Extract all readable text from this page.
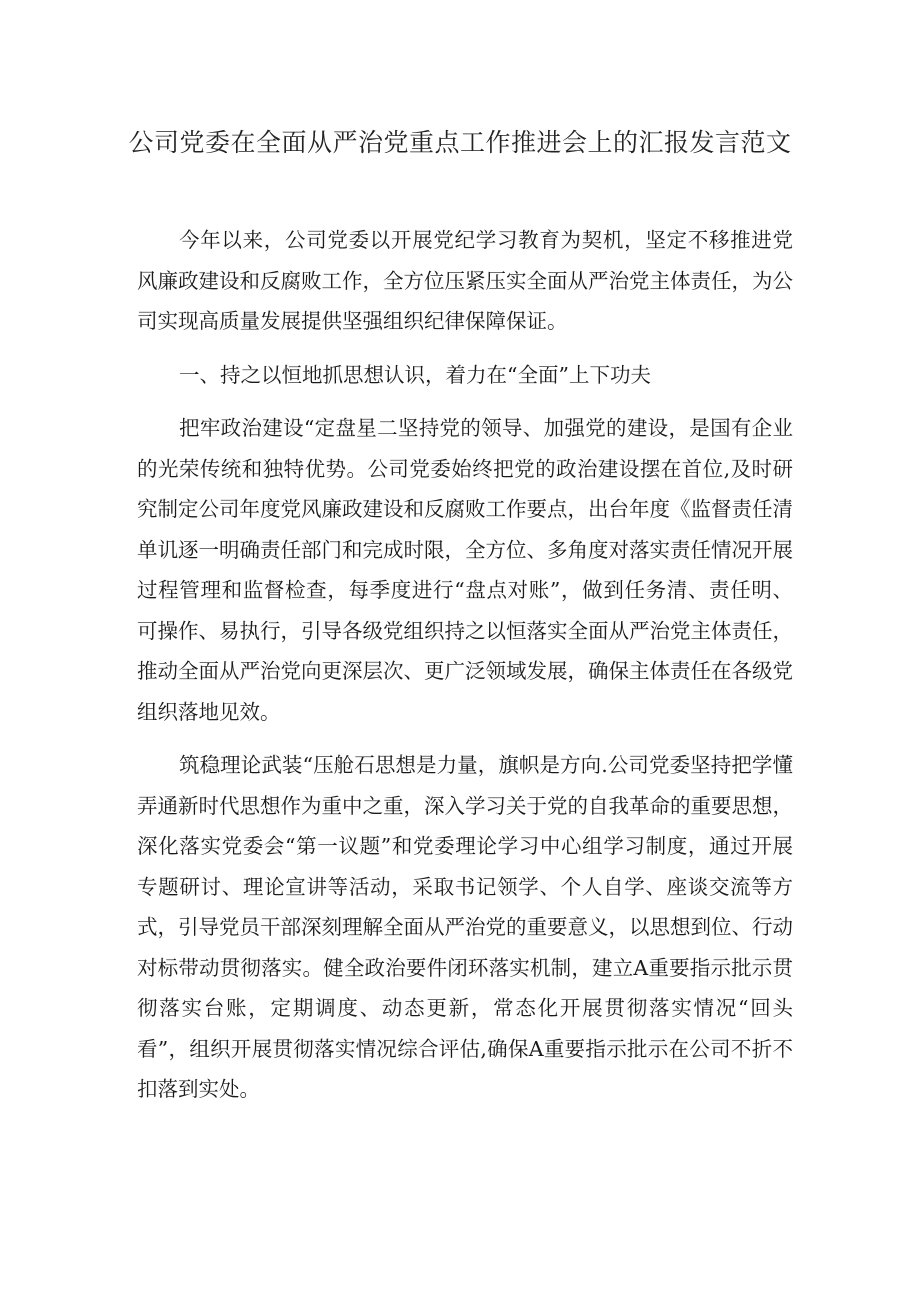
公司党委在全面从严治党重点工作推进会上的汇报发言范文

今年以来，公司党委以开展党纪学习教育为契机，坚定不移推进党风廉政建设和反腐败工作，全方位压紧压实全面从严治党主体责任，为公司实现高质量发展提供坚强组织纪律保障保证。

一、持之以恒地抓思想认识，着力在“全面”上下功夫

把牢政治建设“定盘星二坚持党的领导、加强党的建设，是国有企业的光荣传统和独特优势。公司党委始终把党的政治建设摆在首位,及时研究制定公司年度党风廉政建设和反腐败工作要点，出台年度《监督责任清单讥逐一明确责任部门和完成时限，全方位、多角度对落实责任情况开展过程管理和监督检查，每季度进行“盘点对账”，做到任务清、责任明、可操作、易执行，引导各级党组织持之以恒落实全面从严治党主体责任，推动全面从严治党向更深层次、更广泛领域发展，确保主体责任在各级党组织落地见效。

筑稳理论武装“压舱石思想是力量，旗帜是方向.公司党委坚持把学懂弄通新时代思想作为重中之重，深入学习关于党的自我革命的重要思想，深化落实党委会“第一议题”和党委理论学习中心组学习制度，通过开展专题研讨、理论宣讲等活动，采取书记领学、个人自学、座谈交流等方式，引导党员干部深刻理解全面从严治党的重要意义，以思想到位、行动对标带动贯彻落实。健全政治要件闭环落实机制，建立A重要指示批示贯彻落实台账，定期调度、动态更新，常态化开展贯彻落实情况“回头看”，组织开展贯彻落实情况综合评估,确保A重要指示批示在公司不折不扣落到实处。
